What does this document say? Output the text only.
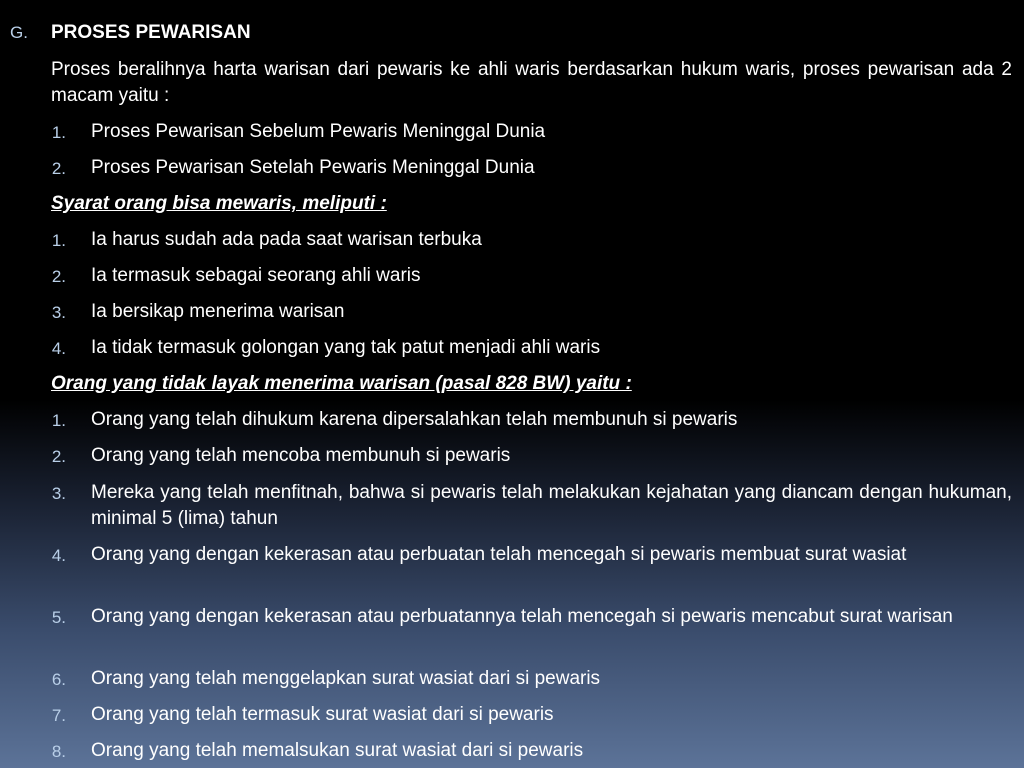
G. PROSES PEWARISAN
Proses beralihnya harta warisan dari pewaris ke ahli waris berdasarkan hukum waris, proses pewarisan ada 2 macam yaitu :
1. Proses Pewarisan Sebelum Pewaris Meninggal Dunia
2. Proses Pewarisan Setelah Pewaris Meninggal Dunia
Syarat orang bisa mewaris, meliputi :
1. Ia harus sudah ada pada saat warisan terbuka
2. Ia termasuk sebagai seorang ahli waris
3. Ia bersikap menerima warisan
4. Ia tidak termasuk golongan yang tak patut menjadi ahli waris
Orang yang tidak layak menerima warisan (pasal 828 BW) yaitu :
1. Orang yang telah dihukum karena dipersalahkan telah membunuh si pewaris
2. Orang yang telah mencoba membunuh si pewaris
3. Mereka yang telah menfitnah, bahwa si pewaris telah melakukan kejahatan yang diancam dengan hukuman, minimal 5 (lima) tahun
4. Orang yang dengan kekerasan atau perbuatan telah mencegah si pewaris membuat surat wasiat
5. Orang yang dengan kekerasan atau perbuatannya telah mencegah si pewaris mencabut surat warisan
6. Orang yang telah menggelapkan surat wasiat dari si pewaris
7. Orang yang telah termasuk surat wasiat dari si pewaris
8. Orang yang telah memalsukan surat wasiat dari si pewaris
